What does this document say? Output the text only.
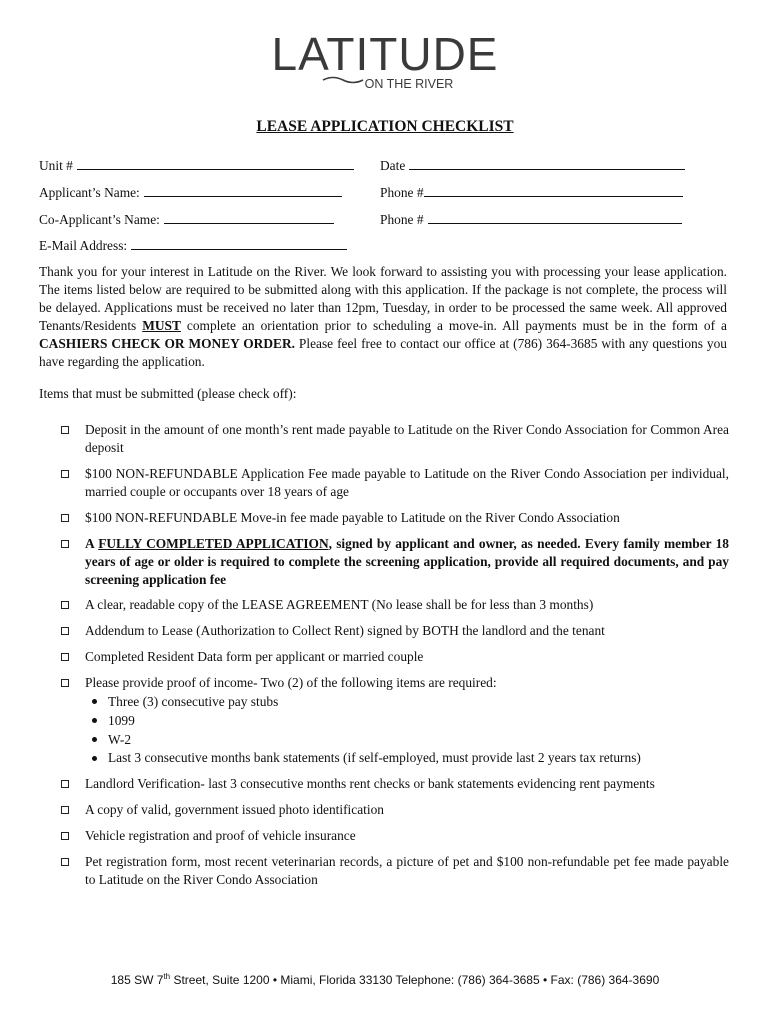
LATITUDE
ON THE RIVER
LEASE APPLICATION CHECKLIST
Unit #	Date
Applicant’s Name:	Phone #
Co-Applicant’s Name:	Phone #
E-Mail Address:
Thank you for your interest in Latitude on the River. We look forward to assisting you with processing your lease application. The items listed below are required to be submitted along with this application. If the package is not complete, the process will be delayed. Applications must be received no later than 12pm, Tuesday, in order to be processed the same week. All approved Tenants/Residents MUST complete an orientation prior to scheduling a move-in. All payments must be in the form of a CASHIERS CHECK OR MONEY ORDER. Please feel free to contact our office at (786) 364-3685 with any questions you have regarding the application.
Items that must be submitted (please check off):
Deposit in the amount of one month’s rent made payable to Latitude on the River Condo Association for Common Area deposit
$100 NON-REFUNDABLE Application Fee made payable to Latitude on the River Condo Association per individual, married couple or occupants over 18 years of age
$100 NON-REFUNDABLE Move-in fee made payable to Latitude on the River Condo Association
A FULLY COMPLETED APPLICATION, signed by applicant and owner, as needed. Every family member 18 years of age or older is required to complete the screening application, provide all required documents, and pay screening application fee
A clear, readable copy of the LEASE AGREEMENT (No lease shall be for less than 3 months)
Addendum to Lease (Authorization to Collect Rent) signed by BOTH the landlord and the tenant
Completed Resident Data form per applicant or married couple
Please provide proof of income- Two (2) of the following items are required:
Three (3) consecutive pay stubs
1099
W-2
Last 3 consecutive months bank statements (if self-employed, must provide last 2 years tax returns)
Landlord Verification- last 3 consecutive months rent checks or bank statements evidencing rent payments
A copy of valid, government issued photo identification
Vehicle registration and proof of vehicle insurance
Pet registration form, most recent veterinarian records, a picture of pet and $100 non-refundable pet fee made payable to Latitude on the River Condo Association
185 SW 7th Street, Suite 1200 • Miami, Florida 33130 Telephone: (786) 364-3685 • Fax: (786) 364-3690
